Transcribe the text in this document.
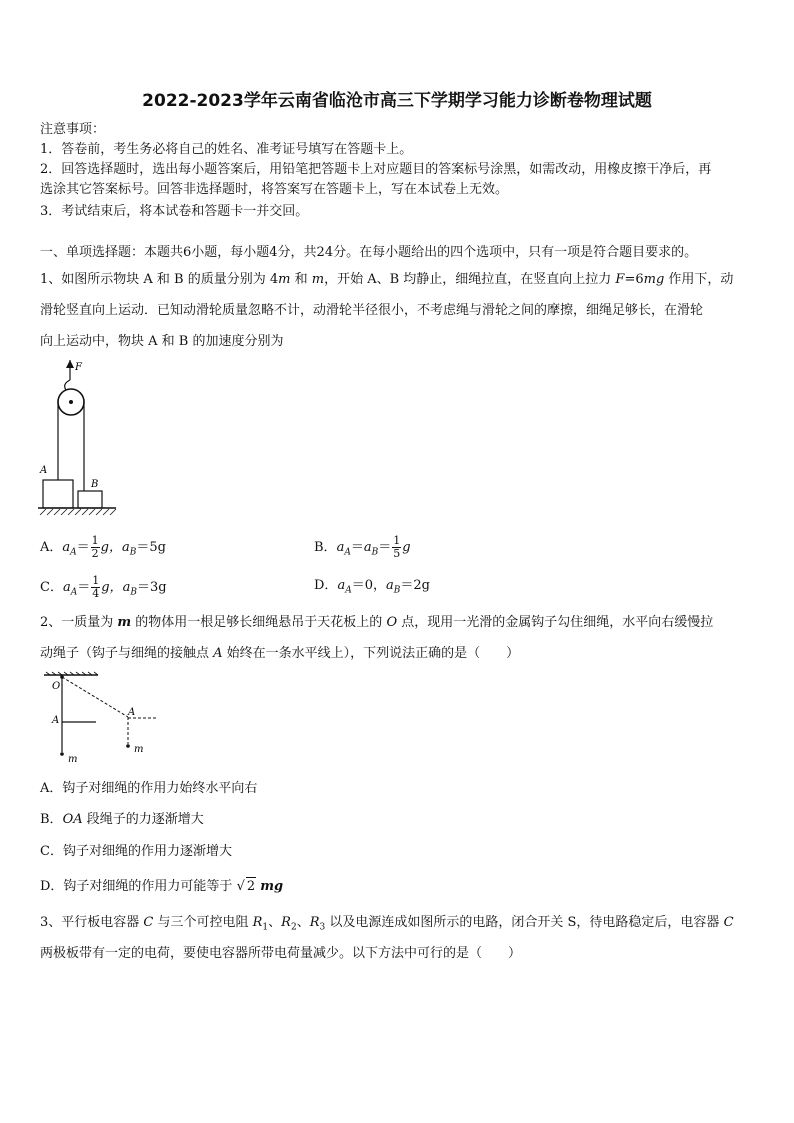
2022-2023学年云南省临沧市高三下学期学习能力诊断卷物理试题
注意事项：
1．答卷前，考生务必将自己的姓名、准考证号填写在答题卡上。
2．回答选择题时，选出每小题答案后，用铅笔把答题卡上对应题目的答案标号涂黑，如需改动，用橡皮擦干净后，再
选涂其它答案标号。回答非选择题时，将答案写在答题卡上，写在本试卷上无效。
3．考试结束后，将本试卷和答题卡一并交回。
一、单项选择题：本题共6小题，每小题4分，共24分。在每小题给出的四个选项中，只有一项是符合题目要求的。
1、如图所示物块 A 和 B 的质量分别为 4m 和 m，开始 A、B 均静止，细绳拉直，在竖直向上拉力 F=6mg 作用下，动
滑轮竖直向上运动．已知动滑轮质量忽略不计，动滑轮半径很小，不考虑绳与滑轮之间的摩擦，细绳足够长，在滑轮
向上运动中，物块 A 和 B 的加速度分别为
F
A
B
A．$a_A= \frac{1}{2}$ g，$a_B=5g$	B．$a_A=a_B= \frac{1}{5}$ g
C．$a_A= \frac{1}{4}$ g，$a_B=3g$	D．$a_A=0$，$a_B=2g$
2、一质量为 m 的物体用一根足够长细绳悬吊于天花板上的 O 点，现用一光滑的金属钩子勾住细绳，水平向右缓慢拉
动绳子（钩子与细绳的接触点 A 始终在一条水平线上），下列说法正确的是（　　）
O
m
A
A
m
A．钩子对细绳的作用力始终水平向右
B．OA 段绳子的力逐渐增大
C．钩子对细绳的作用力逐渐增大
D．钩子对细绳的作用力可能等于 √ 2 mg
3、平行板电容器 C 与三个可控电阻 $R_1$、$R_2$、$R_3$ 以及电源连成如图所示的电路，闭合开关 S，待电路稳定后，电容器 C
两极板带有一定的电荷，要使电容器所带电荷量减少。以下方法中可行的是（　　）
